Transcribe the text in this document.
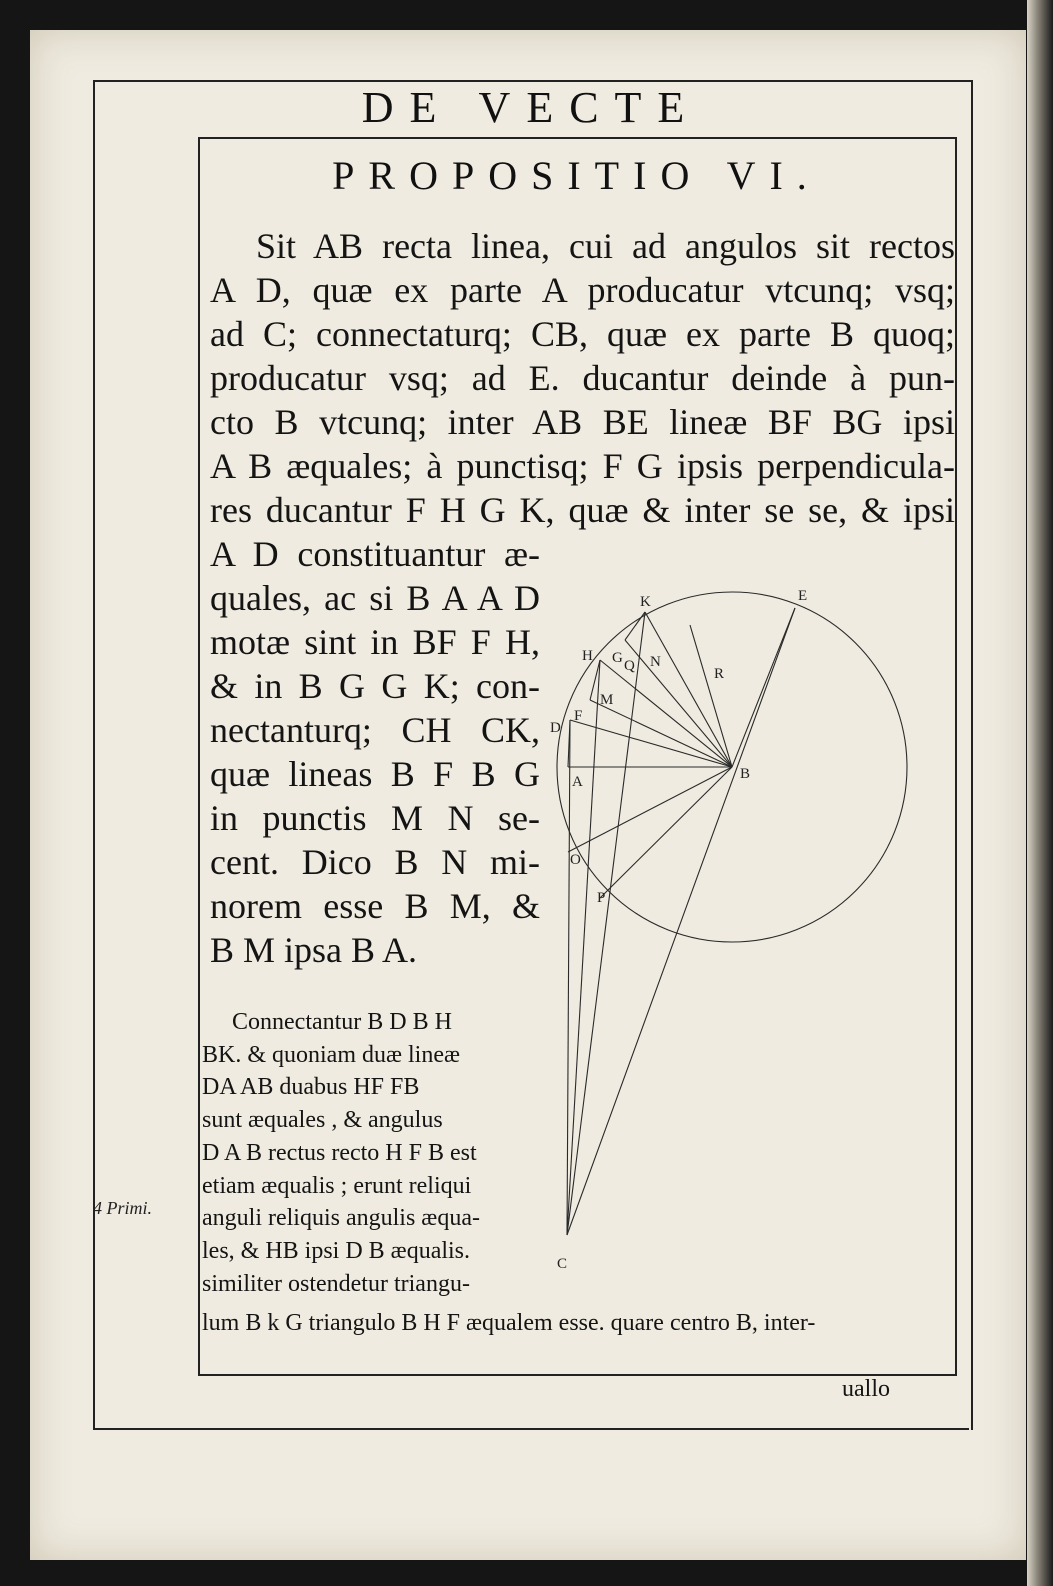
DE VECTE
PROPOSITIO VI.
Sit AB recta linea, cui ad angulos sit rectos
A D, quæ ex parte A producatur vtcunq; vsq;
ad C; connectaturq; CB, quæ ex parte B quoq;
producatur vsq; ad E. ducantur deinde à pun-
cto B vtcunq; inter AB BE lineæ BF BG ipsi
A B æquales; à punctisq; F G ipsis perpendicula-
res ducantur F H G K, quæ & inter se se, & ipsi
A D constituantur æ-
quales, ac si B A A D
motæ sint in BF F H,
& in B G G K; con-
nectanturq; CH CK,
quæ lineas B F B G
in punctis M N se-
cent. Dico B N mi-
norem esse B M, &
B M ipsa B A.
Connectantur B D B H
BK. & quoniam duæ lineæ
DA AB duabus HF FB
sunt æquales , & angulus
D A B rectus recto H F B est
etiam æqualis ; erunt reliqui
anguli reliquis angulis æqua-
les, & HB ipsi D B æqualis.
similiter ostendetur triangu-
lum B k G triangulo B H F æqualem esse. quare centro B, inter-
4 Primi.
uallo
K	E
H G Q N
R
M
F
D
A	B
O
P
C
